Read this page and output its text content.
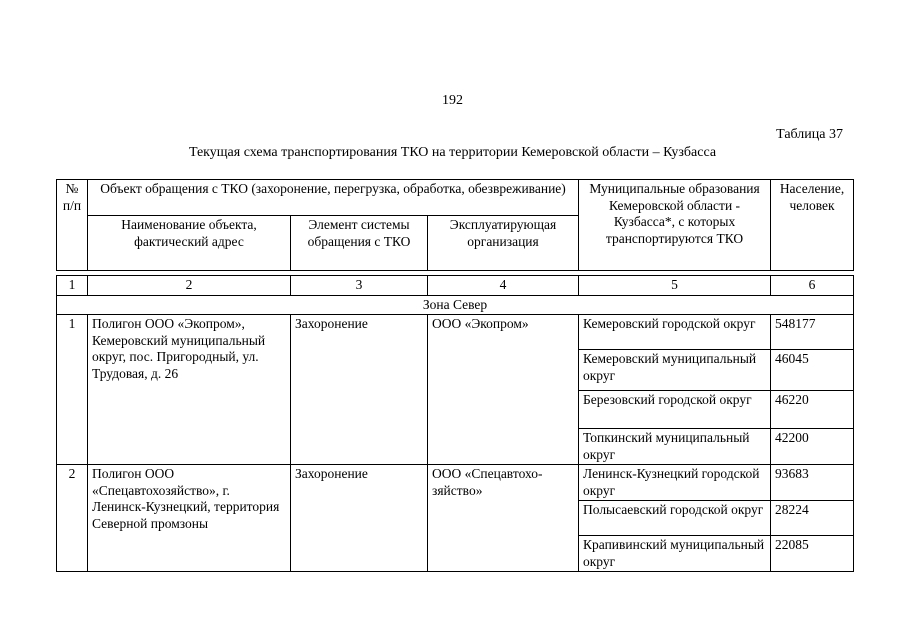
192
Таблица 37
Текущая схема транспортирования ТКО на территории Кемеровской области – Кузбасса
№
п/п	Объект обращения с ТКО (захоронение, перегрузка, обработка, обезвреживание)			Муниципальные образования Кемеровской области - Кузбасса*, с которых транспортируются ТКО	Население, человек
	Наименование объекта, фактический адрес	Элемент системы обращения с ТКО	Эксплуатирующая организация		
1	2	3	4	5	6
Зона Север					
1	Полигон ООО «Экопром», Кемеровский муниципальный округ, пос. Пригородный, ул. Трудовая, д. 26	Захоронение	ООО «Экопром»	Кемеровский городской округ	548177
				Кемеровский муниципальный округ	46045
				Березовский городской округ	46220
				Топкинский муниципальный округ	42200
2	Полигон ООО «Спецавтохозяйство», г. Ленинск-Кузнецкий, территория Северной промзоны	Захоронение	ООО «Спецавтохо-зяйство»	Ленинск-Кузнецкий городской округ	93683
				Полысаевский городской округ	28224
				Крапивинский муниципальный округ	22085
